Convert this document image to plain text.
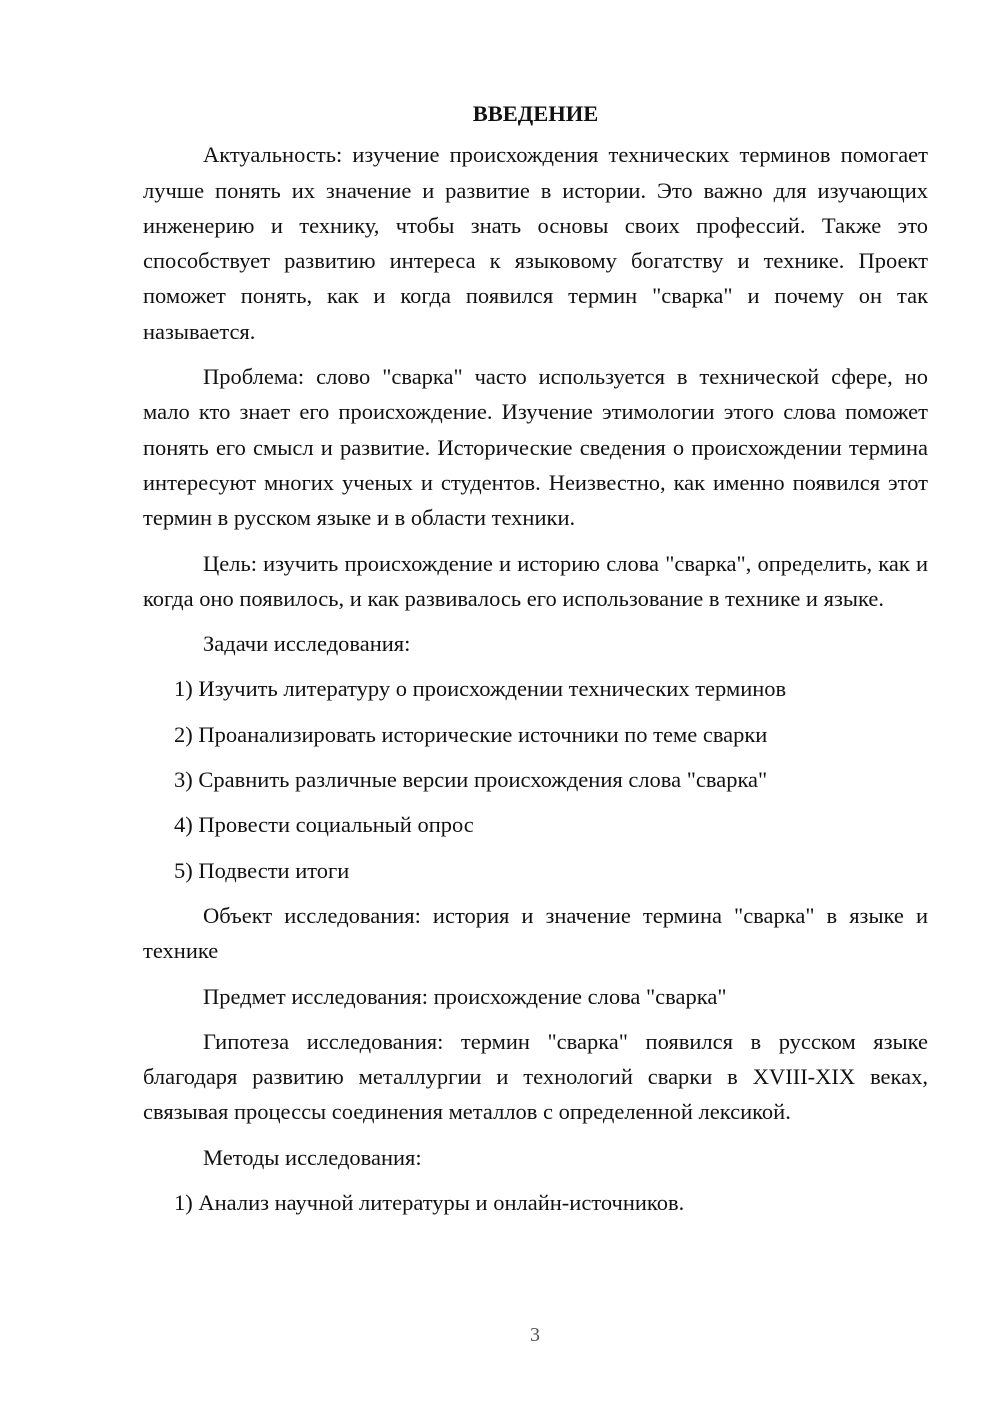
ВВЕДЕНИЕ

Актуальность: изучение происхождения технических терминов помогает лучше понять их значение и развитие в истории. Это важно для изучающих инженерию и технику, чтобы знать основы своих профессий. Также это способствует развитию интереса к языковому богатству и технике. Проект поможет понять, как и когда появился термин "сварка" и почему он так называется.

Проблема: слово "сварка" часто используется в технической сфере, но мало кто знает его происхождение. Изучение этимологии этого слова поможет понять его смысл и развитие. Исторические сведения о происхождении термина интересуют многих ученых и студентов. Неизвестно, как именно появился этот термин в русском языке и в области техники.

Цель: изучить происхождение и историю слова "сварка", определить, как и когда оно появилось, и как развивалось его использование в технике и языке.

Задачи исследования:

1) Изучить литературу о происхождении технических терминов

2) Проанализировать исторические источники по теме сварки

3) Сравнить различные версии происхождения слова "сварка"

4) Провести социальный опрос

5) Подвести итоги

Объект исследования: история и значение термина "сварка" в языке и технике

Предмет исследования: происхождение слова "сварка"

Гипотеза исследования: термин "сварка" появился в русском языке благодаря развитию металлургии и технологий сварки в XVIII-XIX веках, связывая процессы соединения металлов с определенной лексикой.

Методы исследования:

1) Анализ научной литературы и онлайн-источников.

3
